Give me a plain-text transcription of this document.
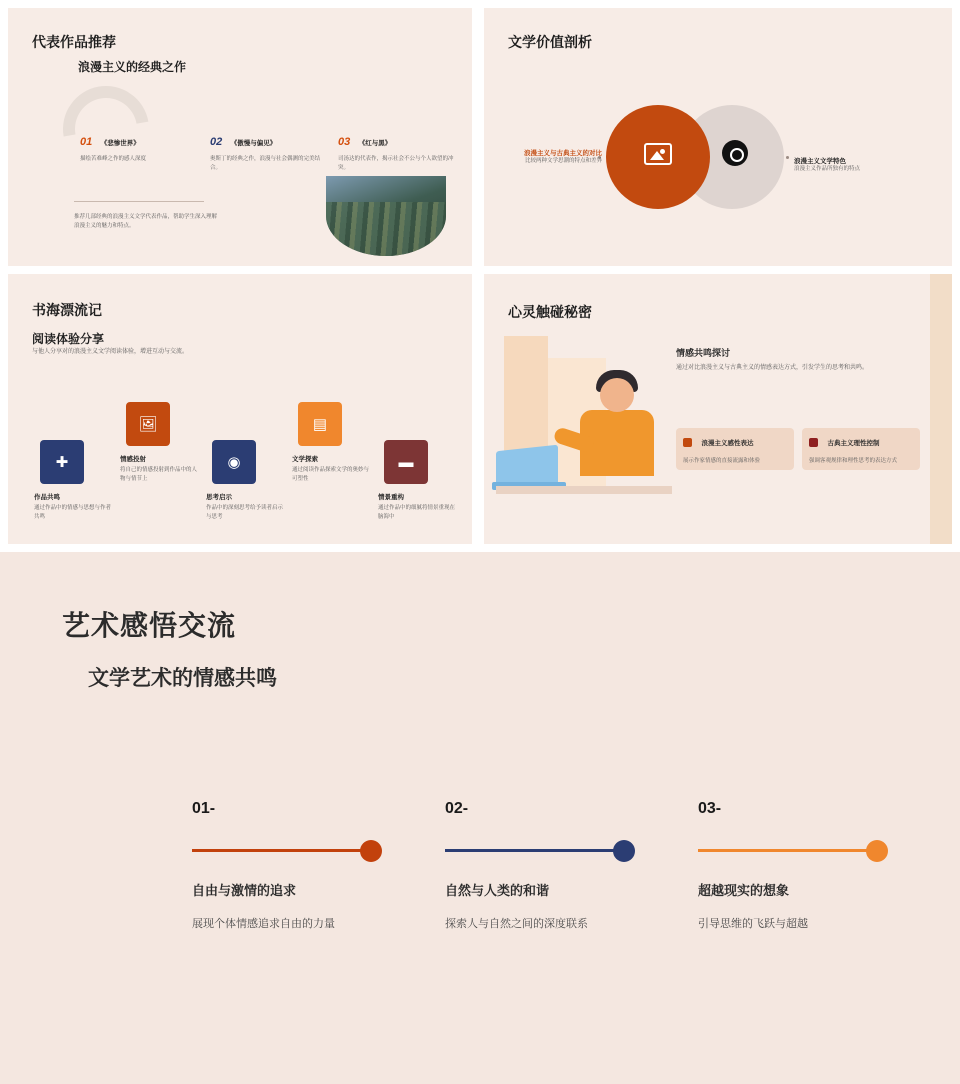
代表作品推荐
浪漫主义的经典之作
01 《悲惨世界》
描绘苦难峰之作的感人深度
02 《傲慢与偏见》
奥斯丁的经典之作，浪漫与社会偶测的完美结合。
03 《红与黑》
司汤达的代表作，揭示社会不公与个人欲望的冲突。
推荐几部经典的浪漫主义文学代表作品，帮助学生深入理解浪漫主义的魅力和特点。
文学价值剖析
浪漫主义与古典主义的对比
比较两种文学思潮的特点和差异	浪漫主义文学特色
浪漫主义作品所独有的特点
书海漂流记
阅读体验分享
与他人分享对的浪漫主义文学阅读体验，增进互动与交流。
✚
作品共鸣
通过作品中的情感与思想与作者共鸣
🖼
情感投射
将自己的情感投射到作品中的人物与情节上
◉
思考启示
作品中的深刻思考给予读者启示与思考
▤
文学探索
通过阅读作品探索文学的奥妙与可塑性
▬
情景重构
通过作品中的细腻将情景重现在脑海中
心灵触碰秘密
情感共鸣探讨
通过对比浪漫主义与古典主义的情感表达方式，引发学生的思考和共鸣。
浪漫主义感性表达
展示作家情感的直接流露和体验
古典主义理性控制
强调客观规律和理性思考的表达方式
艺术感悟交流
文学艺术的情感共鸣
01-
自由与激情的追求
展现个体情感追求自由的力量
02-
自然与人类的和谐
探索人与自然之间的深度联系
03-
超越现实的想象
引导思维的飞跃与超越
